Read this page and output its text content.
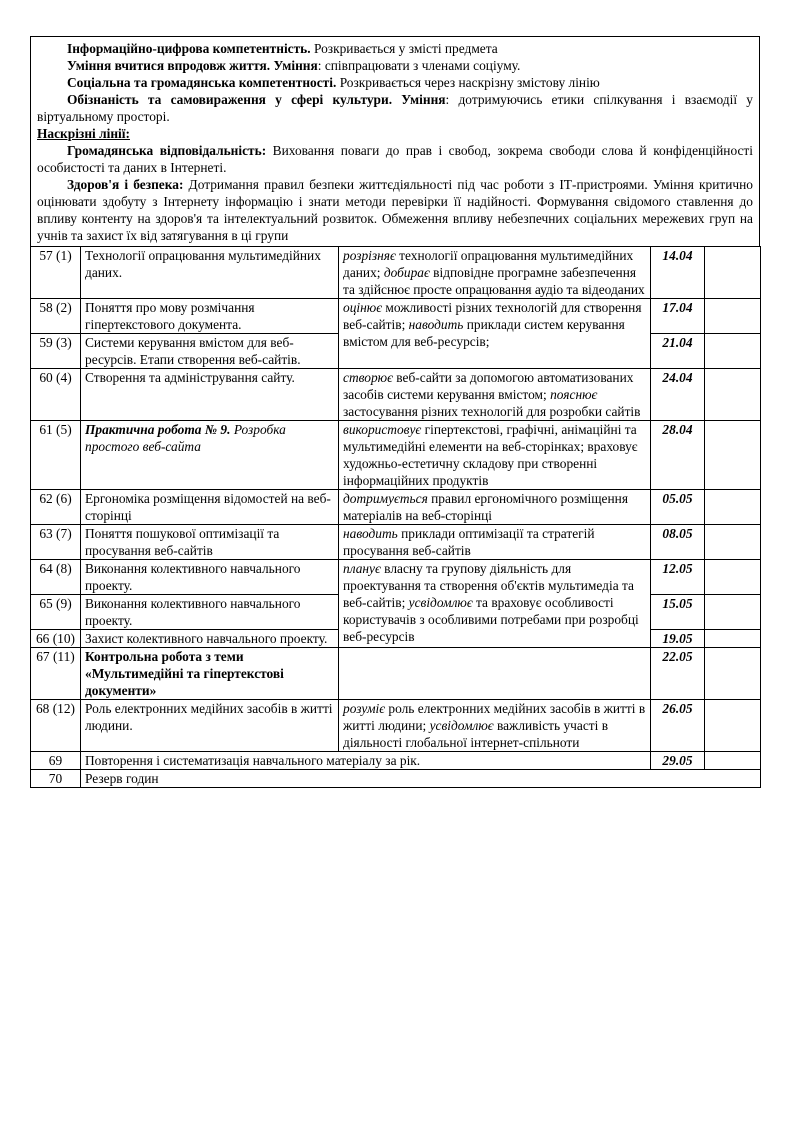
Інформаційно-цифрова компетентність. Розкривається у змісті предмета

Уміння вчитися впродовж життя. Уміння: співпрацювати з членами соціуму.

Соціальна та громадянська компетентності. Розкривається через наскрізну змістову лінію

Обізнаність та самовираження у сфері культури. Уміння: дотримуючись етики спілкування і взаємодії у віртуальному просторі.

Наскрізні лінії:

Громадянська відповідальність: Виховання поваги до прав і свобод, зокрема свободи слова й конфіденційності особистості та даних в Інтернеті.

Здоров'я і безпека: Дотримання правил безпеки життєдіяльності під час роботи з ІТ-пристроями. Уміння критично оцінювати здобуту з Інтернету інформацію і знати методи перевірки її надійності. Формування свідомого ставлення до впливу контенту на здоров'я та інтелектуальний розвиток. Обмеження впливу небезпечних соціальних мережевих груп на учнів та захист їх від затягування в ці групи

57 (1)	Технології опрацювання мультимедійних даних.	розрізняє технології опрацювання мультимедійних даних; добирає відповідне програмне забезпечення та здійснює просте опрацювання аудіо та відеоданих	14.04	
58 (2)	Поняття про мову розмічання гіпертекстового документа.	оцінює можливості різних технологій для створення веб-сайтів; наводить приклади систем керування вмістом для веб-ресурсів;	17.04	
59 (3)	Системи керування вмістом для веб-ресурсів. Етапи створення веб-сайтів.		21.04	
60 (4)	Створення та адміністрування сайту.	створює веб-сайти за допомогою автоматизованих засобів системи керування вмістом; пояснює застосування різних технологій для розробки сайтів	24.04	
61 (5)	Практична робота № 9. Розробка простого веб-сайта	використовує гіпертекстові, графічні, анімаційні та мультимедійні елементи на веб-сторінках; враховує художньо-естетичну складову при створенні інформаційних продуктів	28.04	
62 (6)	Ергономіка розміщення відомостей на веб-сторінці	дотримується правил ергономічного розміщення матеріалів на веб-сторінці	05.05	
63 (7)	Поняття пошукової оптимізації та просування веб-сайтів	наводить приклади оптимізації та стратегій просування веб-сайтів	08.05	
64 (8)	Виконання колективного навчального проекту.	планує власну та групову діяльність для проектування та створення об'єктів мультимедіа та веб-сайтів; усвідомлює та враховує особливості користувачів з особливими потребами при розробці веб-ресурсів	12.05	
65 (9)	Виконання колективного навчального проекту.		15.05	
66 (10)	Захист колективного навчального проекту.		19.05	
67 (11)	Контрольна робота з теми «Мультимедійні та гіпертекстові документи»		22.05	
68 (12)	Роль електронних медійних засобів в житті людини.	розуміє роль електронних медійних засобів в житті в житті людини; усвідомлює важливість участі в діяльності глобальної інтернет-спільноти	26.05	
69	Повторення і систематизація навчального матеріалу за рік.		29.05	
70	Резерв годин			
